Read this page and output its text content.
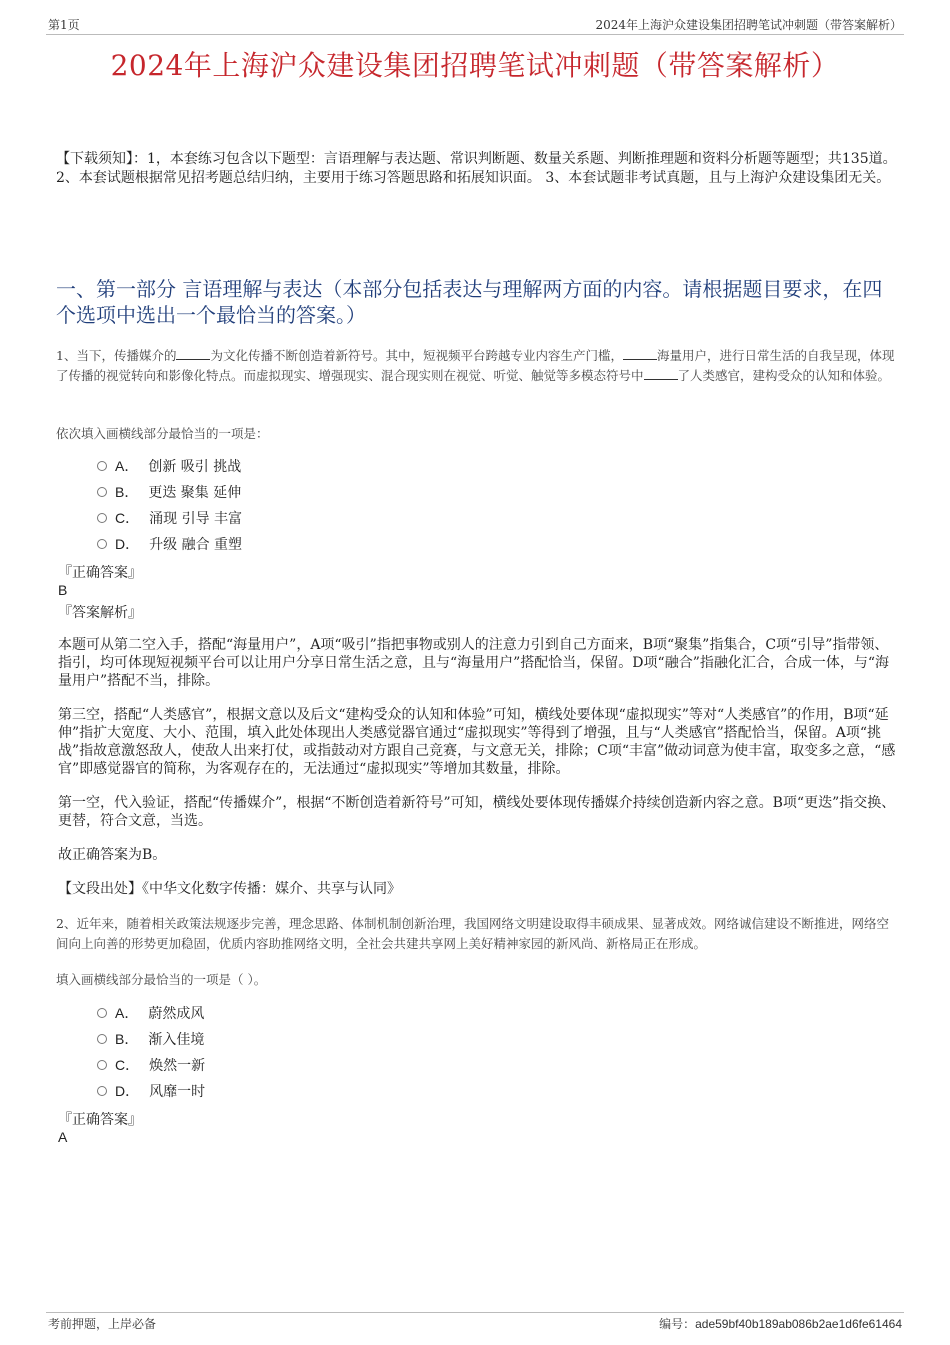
第1页	2024年上海沪众建设集团招聘笔试冲刺题（带答案解析）
2024年上海沪众建设集团招聘笔试冲刺题（带答案解析）
【下载须知】：1，本套练习包含以下题型：言语理解与表达题、常识判断题、数量关系题、判断推理题和资料分析题等题型；共135道。 2、本套试题根据常见招考题总结归纳，主要用于练习答题思路和拓展知识面。 3、本套试题非考试真题，且与上海沪众建设集团无关。
一、第一部分 言语理解与表达（本部分包括表达与理解两方面的内容。请根据题目要求，在四个选项中选出一个最恰当的答案。）
1、当下，传播媒介的	为文化传播不断创造着新符号。其中，短视频平台跨越专业内容生产门槛，	海量用户，进行日常生活的自我呈现，体现了传播的视觉转向和影像化特点。而虚拟现实、增强现实、混合现实则在视觉、听觉、触觉等多模态符号中	了人类感官，建构受众的认知和体验。
依次填入画横线部分最恰当的一项是：
A． 创新 吸引 挑战
B． 更迭 聚集 延伸
C． 涌现 引导 丰富
D． 升级 融合 重塑
『正确答案』
B
『答案解析』
本题可从第二空入手，搭配“海量用户”，A项“吸引”指把事物或别人的注意力引到自己方面来，B项“聚集”指集合，C项“引导”指带领、指引，均可体现短视频平台可以让用户分享日常生活之意，且与“海量用户”搭配恰当，保留。D项“融合”指融化汇合，合成一体，与“海量用户”搭配不当，排除。
第三空，搭配“人类感官”，根据文意以及后文“建构受众的认知和体验”可知，横线处要体现“虚拟现实”等对“人类感官”的作用，B项“延伸”指扩大宽度、大小、范围，填入此处体现出人类感觉器官通过“虚拟现实”等得到了增强，且与“人类感官”搭配恰当，保留。A项“挑战”指故意激怒敌人，使敌人出来打仗，或指鼓动对方跟自己竞赛，与文意无关，排除；C项“丰富”做动词意为使丰富，取变多之意，“感官”即感觉器官的简称，为客观存在的，无法通过“虚拟现实”等增加其数量，排除。
第一空，代入验证，搭配“传播媒介”，根据“不断创造着新符号”可知，横线处要体现传播媒介持续创造新内容之意。B项“更迭”指交换、更替，符合文意，当选。
故正确答案为B。
【文段出处】《中华文化数字传播：媒介、共享与认同》
2、近年来，随着相关政策法规逐步完善，理念思路、体制机制创新治理，我国网络文明建设取得丰硕成果、显著成效。网络诚信建设不断推进，网络空间向上向善的形势更加稳固，优质内容助推网络文明，全社会共建共享网上美好精神家园的新风尚、新格局正在形成。
填入画横线部分最恰当的一项是（ ）。
A． 蔚然成风
B． 渐入佳境
C． 焕然一新
D． 风靡一时
『正确答案』
A
考前押题，上岸必备	编号：ade59bf40b189ab086b2ae1d6fe61464
